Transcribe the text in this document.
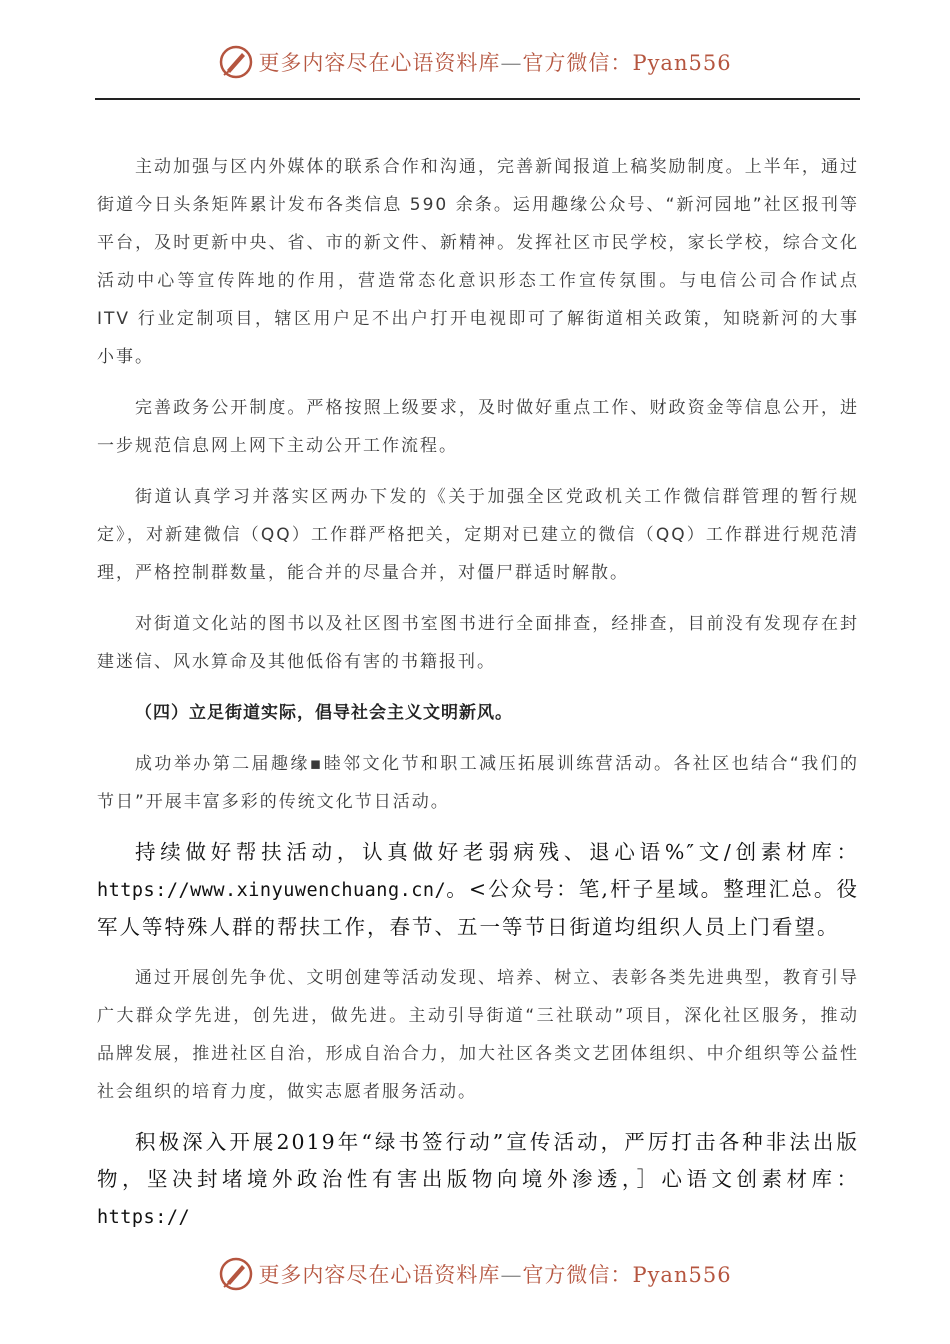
更多内容尽在心语资料库—官方微信：Pyan556

主动加强与区内外媒体的联系合作和沟通，完善新闻报道上稿奖励制度。上半年，通过街道今日头条矩阵累计发布各类信息 590 余条。运用趣缘公众号、“新河园地”社区报刊等平台，及时更新中央、省、市的新文件、新精神。发挥社区市民学校，家长学校，综合文化活动中心等宣传阵地的作用，营造常态化意识形态工作宣传氛围。与电信公司合作试点 ITV 行业定制项目，辖区用户足不出户打开电视即可了解街道相关政策，知晓新河的大事小事。

完善政务公开制度。严格按照上级要求，及时做好重点工作、财政资金等信息公开，进一步规范信息网上网下主动公开工作流程。

街道认真学习并落实区两办下发的《关于加强全区党政机关工作微信群管理的暂行规定》，对新建微信（QQ）工作群严格把关，定期对已建立的微信（QQ）工作群进行规范清理，严格控制群数量，能合并的尽量合并，对僵尸群适时解散。

对街道文化站的图书以及社区图书室图书进行全面排查，经排查，目前没有发现存在封建迷信、风水算命及其他低俗有害的书籍报刊。

（四）立足街道实际，倡导社会主义文明新风。

成功举办第二届趣缘▪睦邻文化节和职工减压拓展训练营活动。各社区也结合“我们的节日”开展丰富多彩的传统文化节日活动。

持续做好帮扶活动，认真做好老弱病残、退心语%″文/创素材库：https://www.xinyuwenchuang.cn/。<公众号：笔,杆子星域。整理汇总。役军人等特殊人群的帮扶工作，春节、五一等节日街道均组织人员上门看望。

通过开展创先争优、文明创建等活动发现、培养、树立、表彰各类先进典型，教育引导广大群众学先进，创先进，做先进。主动引导街道“三社联动”项目，深化社区服务，推动品牌发展，推进社区自治，形成自治合力，加大社区各类文艺团体组织、中介组织等公益性社会组织的培育力度，做实志愿者服务活动。

积极深入开展2019年“绿书签行动”宣传活动，严厉打击各种非法出版物，坚决封堵境外政治性有害出版物向境外渗透，］心语文创素材库：https://

更多内容尽在心语资料库—官方微信：Pyan556
